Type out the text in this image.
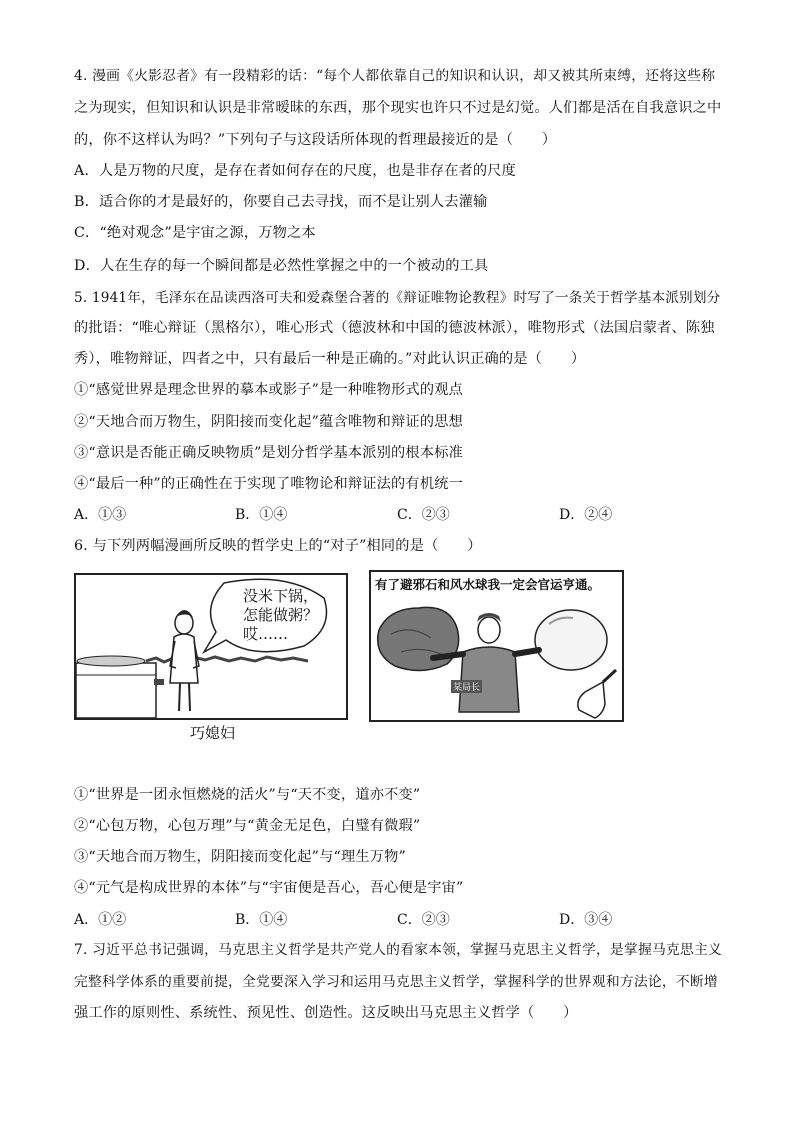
4. 漫画《火影忍者》有一段精彩的话：“每个人都依靠自己的知识和认识，却又被其所束缚，还将这些称
之为现实，但知识和认识是非常暧昧的东西，那个现实也许只不过是幻觉。人们都是活在自我意识之中
的，你不这样认为吗？”下列句子与这段话所体现的哲理最接近的是（　　）
A．人是万物的尺度，是存在者如何存在的尺度，也是非存在者的尺度
B．适合你的才是最好的，你要自己去寻找，而不是让别人去灌输
C．“绝对观念”是宇宙之源，万物之本
D．人在生存的每一个瞬间都是必然性掌握之中的一个被动的工具
5. 1941年，毛泽东在品读西洛可夫和爱森堡合著的《辩证唯物论教程》时写了一条关于哲学基本派别划分
的批语：“唯心辩证（黑格尔），唯心形式（德波林和中国的德波林派），唯物形式（法国启蒙者、陈独
秀），唯物辩证，四者之中，只有最后一种是正确的。”对此认识正确的是（　　）
①“感觉世界是理念世界的摹本或影子”是一种唯物形式的观点
②“天地合而万物生，阴阳接而变化起”蕴含唯物和辩证的思想
③“意识是否能正确反映物质”是划分哲学基本派别的根本标准
④“最后一种”的正确性在于实现了唯物论和辩证法的有机统一
A．①③	B．①④	C．②③	D．②④
6. 与下列两幅漫画所反映的哲学史上的“对子”相同的是（　　）
没米下锅，
怎能做粥？
哎……
巧媳妇
有了避邪石和风水球我一定会官运亨通。
某局长
①“世界是一团永恒燃烧的活火”与“天不变，道亦不变”
②“心包万物，心包万理”与“黄金无足色，白璧有微瑕”
③“天地合而万物生，阴阳接而变化起”与“理生万物”
④“元气是构成世界的本体”与“宇宙便是吾心，吾心便是宇宙”
A．①②	B．①④	C．②③	D．③④
7. 习近平总书记强调，马克思主义哲学是共产党人的看家本领，掌握马克思主义哲学，是掌握马克思主义
完整科学体系的重要前提，全党要深入学习和运用马克思主义哲学，掌握科学的世界观和方法论，不断增
强工作的原则性、系统性、预见性、创造性。这反映出马克思主义哲学（　　）
